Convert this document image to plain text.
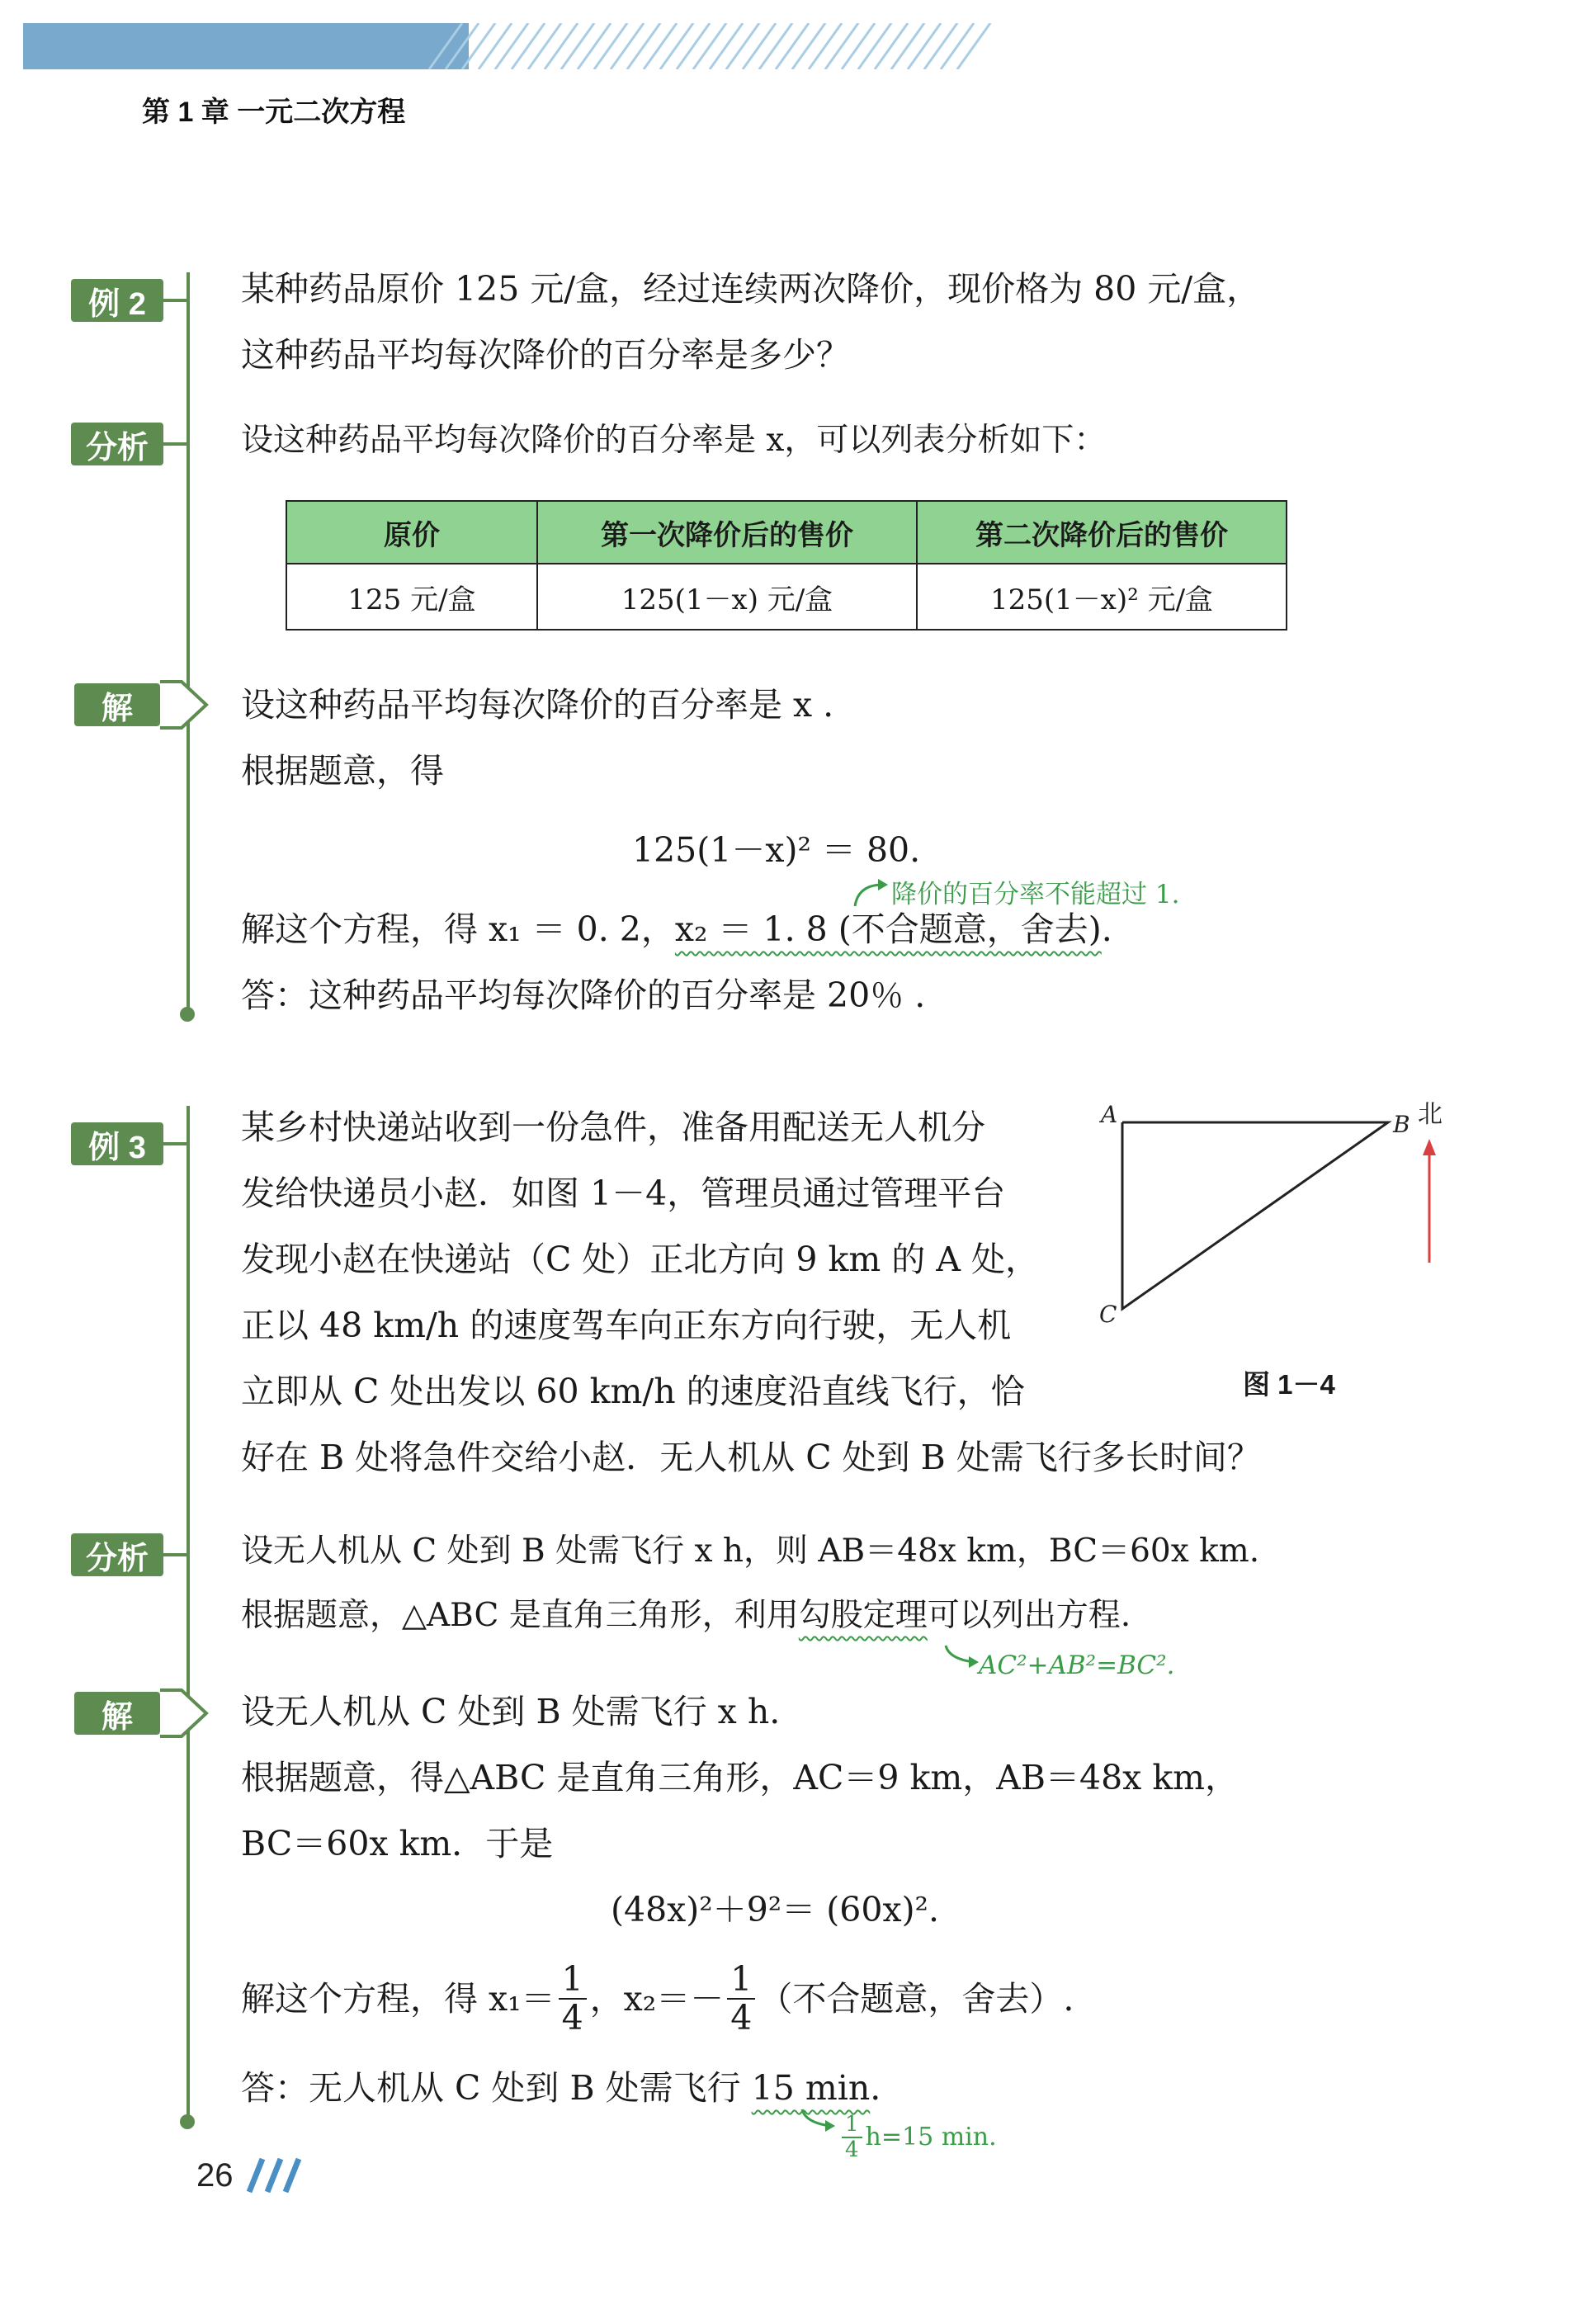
第 1 章 一元二次方程
例 2	某种药品原价 125 元/盒，经过连续两次降价，现价格为 80 元/盒，
这种药品平均每次降价的百分率是多少？
分析	设这种药品平均每次降价的百分率是 x，可以列表分析如下：
原价	第一次降价后的售价	第二次降价后的售价
125 元/盒	125(1－x) 元/盒	125(1－x)² 元/盒
解	设这种药品平均每次降价的百分率是 x .
根据题意，得
125(1－x)² ＝ 80.
降价的百分率不能超过 1.
解这个方程，得 x₁ ＝ 0. 2，x₂ ＝ 1. 8 (不合题意，舍去).
答：这种药品平均每次降价的百分率是 20％ .
例 3
某乡村快递站收到一份急件，准备用配送无人机分
发给快递员小赵．如图 1－4，管理员通过管理平台
发现小赵在快递站（C 处）正北方向 9 km 的 A 处，
正以 48 km/h 的速度驾车向正东方向行驶，无人机
立即从 C 处出发以 60 km/h 的速度沿直线飞行，恰
好在 B 处将急件交给小赵．无人机从 C 处到 B 处需飞行多长时间？
A	B
C
北
图 1－4
分析	设无人机从 C 处到 B 处需飞行 x h，则 AB＝48x km，BC＝60x km.
根据题意，△ABC 是直角三角形，利用勾股定理可以列出方程.
AC²+AB²=BC².
解	设无人机从 C 处到 B 处需飞行 x h.
根据题意，得△ABC 是直角三角形，AC＝9 km，AB＝48x km，
BC＝60x km．于是
(48x)²＋9²＝ (60x)².
解这个方程，得 $x_1= \frac{1}{4}$ ，$x_2=- \frac{1}{4}$ （不合题意，舍去）.
答：无人机从 C 处到 B 处需飞行 15 min.
$\frac{1}{4} h=15$ min.
26
